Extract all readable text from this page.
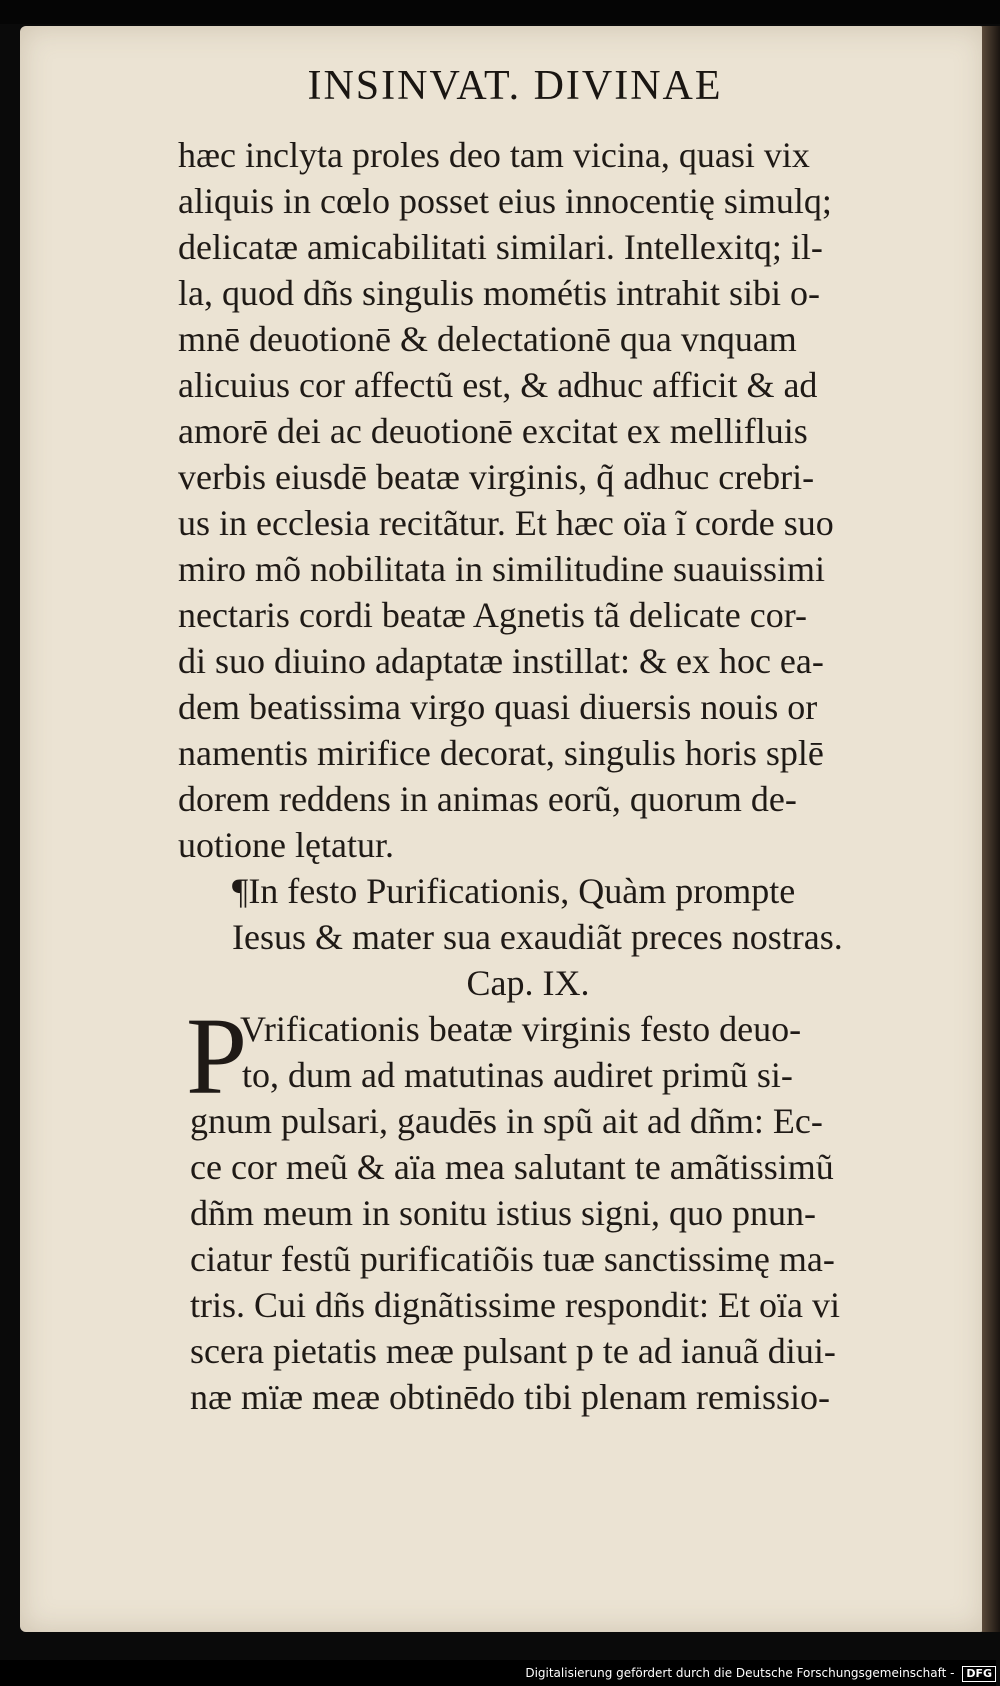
INSINVAT. DIVINAE
hæc inclyta proles deo tam vicina, quasi vix
aliquis in cœlo posset eius innocentię simulq;
delicatæ amicabilitati similari. Intellexitq; il-
la, quod dñs singulis mométis intrahit sibi o-
mnē deuotionē & delectationē qua vnquam
alicuius cor affectũ est, & adhuc afficit & ad
amorē dei ac deuotionē excitat ex mellifluis
verbis eiusdē beatæ virginis, q̃ adhuc crebri-
us in ecclesia recitãtur. Et hæc oïa ĩ corde suo
miro mõ nobilitata in similitudine suauissimi
nectaris cordi beatæ Agnetis tã delicate cor-
di suo diuino adaptatæ instillat: & ex hoc ea-
dem beatissima virgo quasi diuersis nouis or
namentis mirifice decorat, singulis horis splē
dorem reddens in animas eorũ, quorum de-
uotione lętatur.
¶In festo Purificationis, Quàm prompte
Iesus & mater sua exaudiãt preces nostras.
Cap. IX.
P
Vrificationis beatæ virginis festo deuo-
to, dum ad matutinas audiret primũ si-
gnum pulsari, gaudēs in spũ ait ad dñm: Ec-
ce cor meũ & aïa mea salutant te amãtissimũ
dñm meum in sonitu istius signi, quo pnun-
ciatur festũ purificatiõis tuæ sanctissimę ma-
tris. Cui dñs dignãtissime respondit: Et oïa vi
scera pietatis meæ pulsant p te ad ianuã diui-
næ mïæ meæ obtinēdo tibi plenam remissio-
Digitalisierung gefördert durch die Deutsche Forschungsgemeinschaft - DFG
